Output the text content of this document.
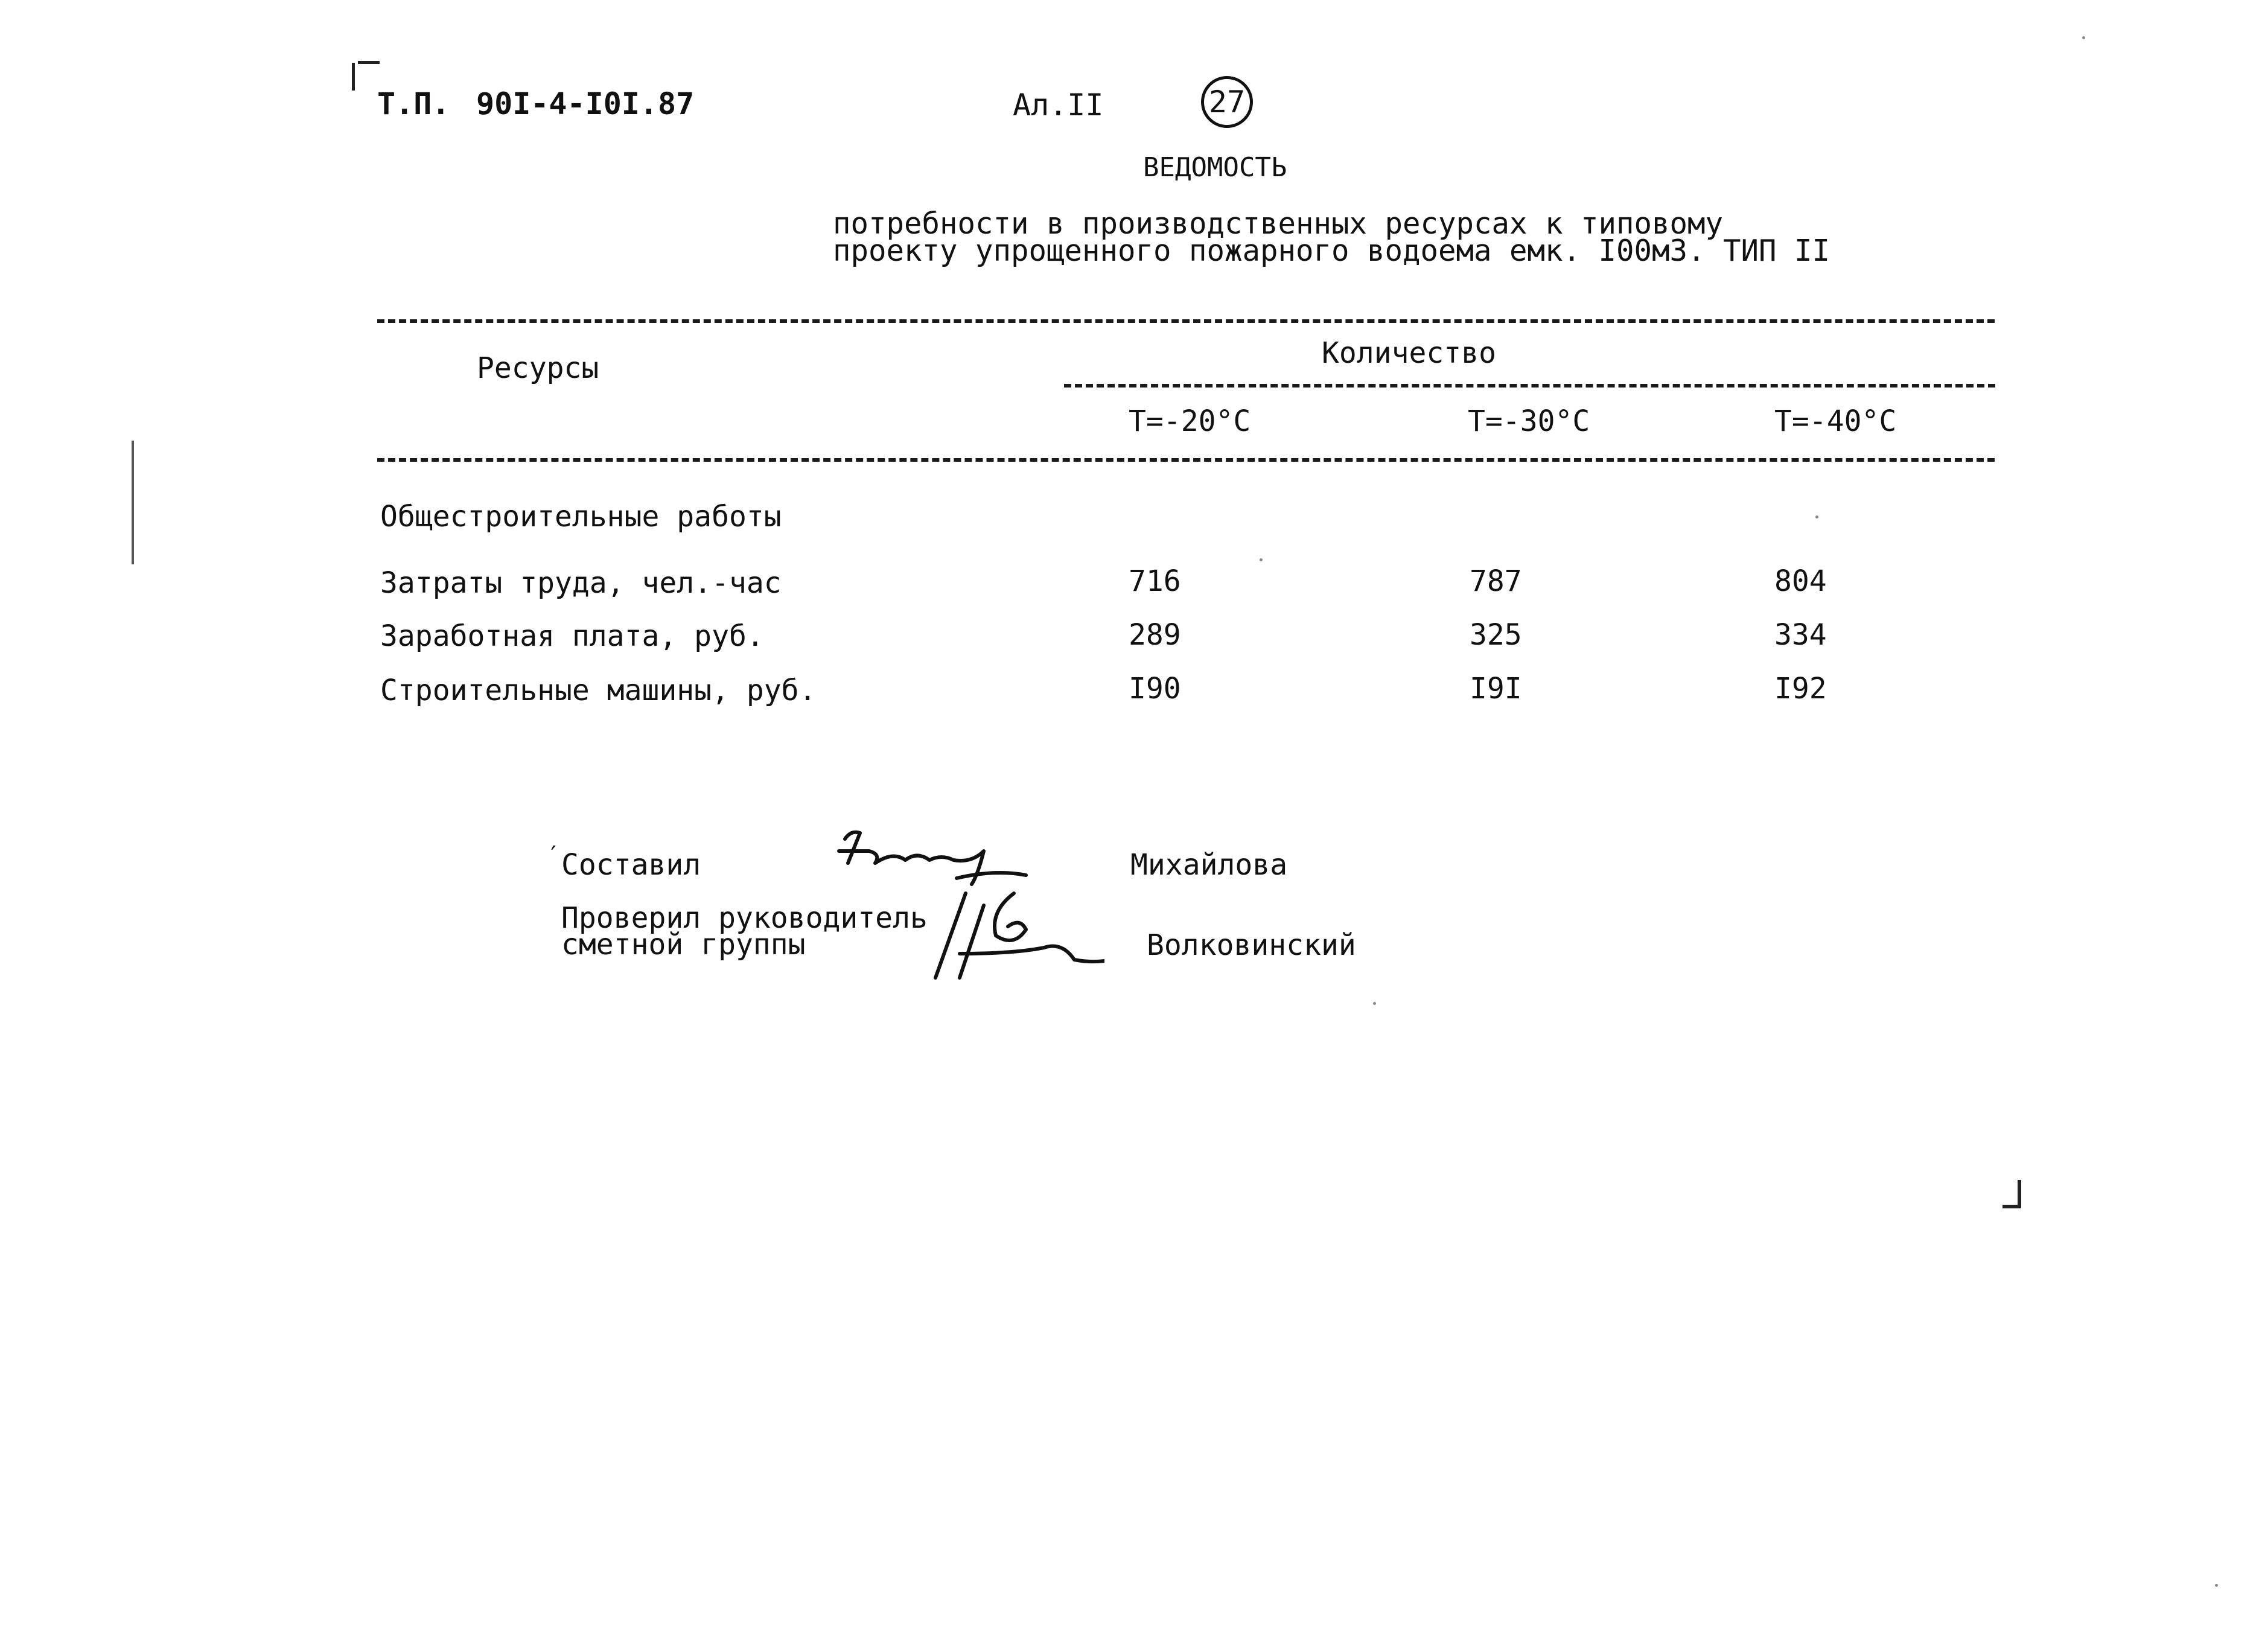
Т.П. 90I-4-I0I.87	Ал.II	27
ВЕДОМОСТЬ
потребности в производственных ресурсах к типовому
проекту упрощенного пожарного водоема емк. I00м3. ТИП II
Ресурсы	Количество
Т=-20°С	Т=-30°С	Т=-40°С
Общестроительные работы
Затраты труда, чел.-час	716	787	804
Заработная плата, руб.	289	325	334
Строительные машины, руб.	I90	I9I	I92
′ Составил	Михайлова
Проверил руководитель
сметной группы	Волковинский
